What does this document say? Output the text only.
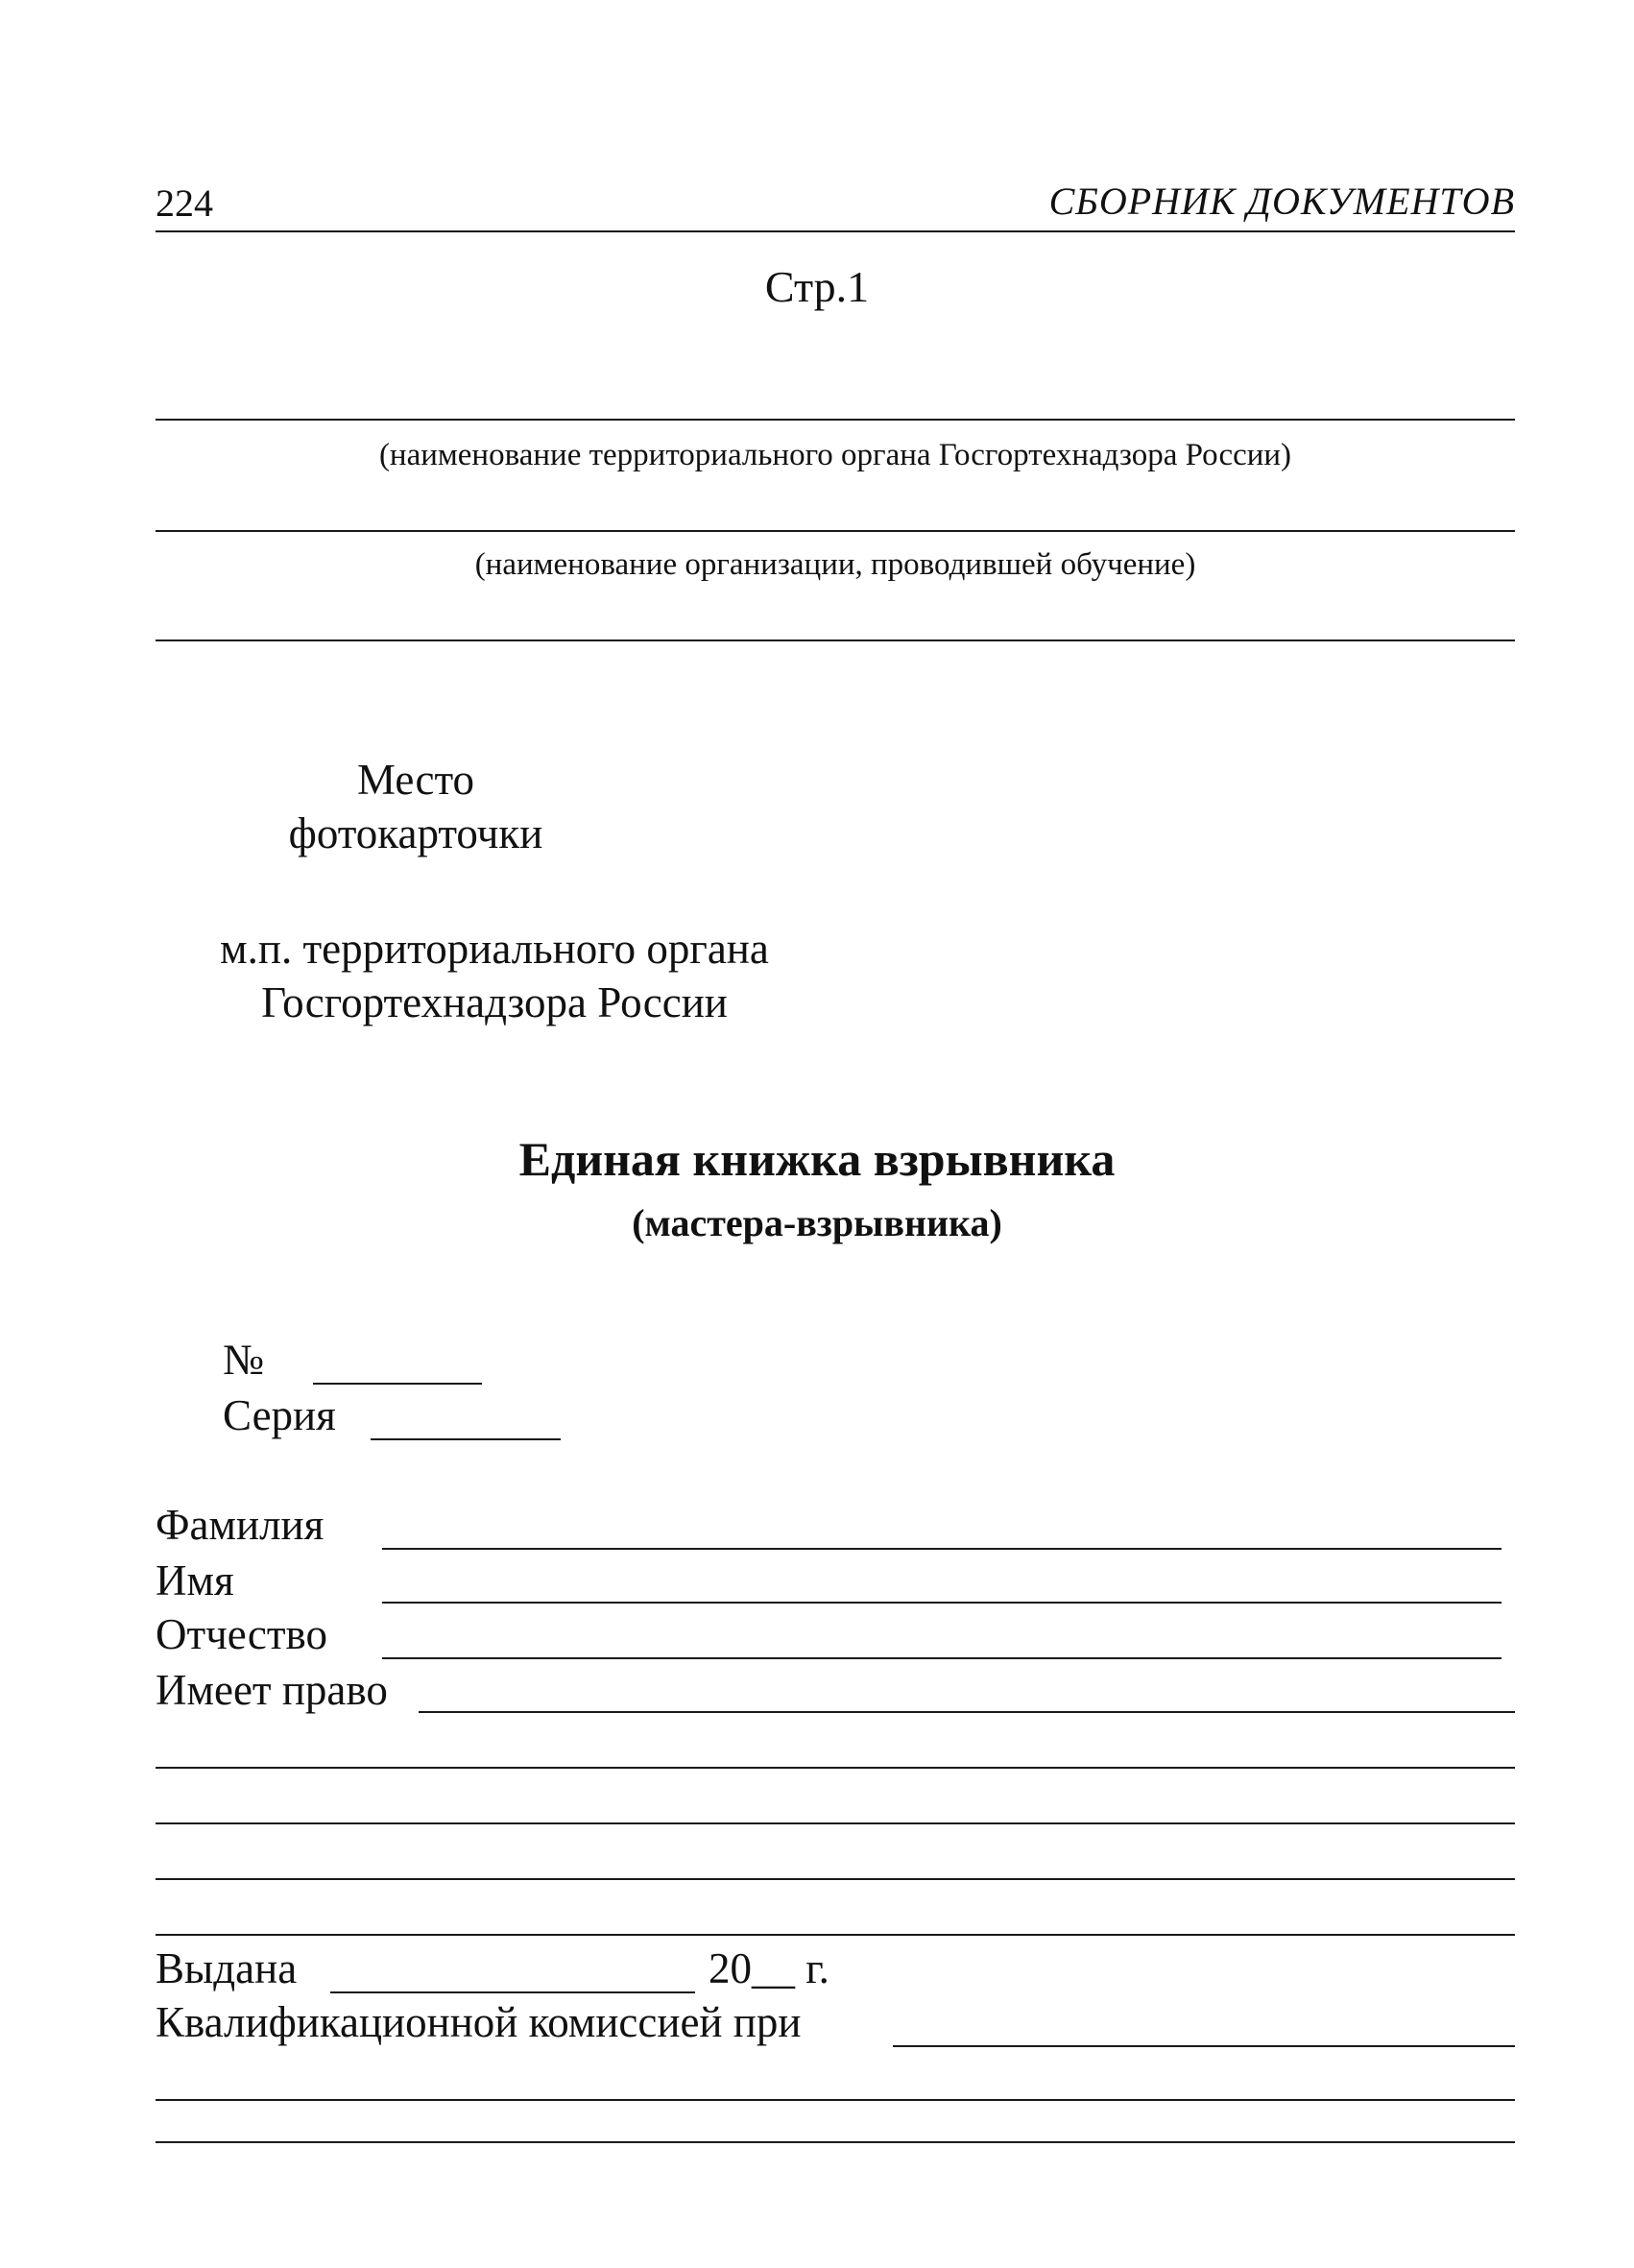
224	СБОРНИК ДОКУМЕНТОВ
Стр.1
(наименование территориального органа Госгортехнадзора России)
(наименование организации, проводившей обучение)
Место
фотокарточки
м.п. территориального органа
Госгортехнадзора России
Единая книжка взрывника
(мастера-взрывника)
№
Серия
Фамилия
Имя
Отчество
Имеет право
Выдана	20__ г.
Квалификационной комиссией при
